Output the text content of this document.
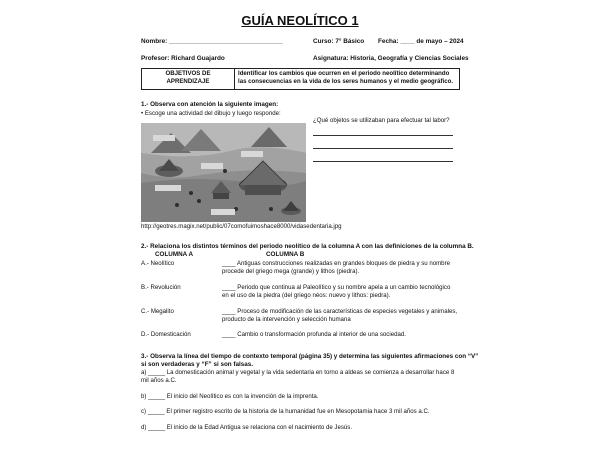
GUÍA NEOLÍTICO 1
Nombre: ________________________________	Curso: 7° Básico Fecha: ____ de mayo – 2024
Profesor: Richard Guajardo	Asignatura: Historia, Geografía y Ciencias Sociales
OBJETIVOS DE APRENDIZAJE	
Identificar los cambios que ocurren en el periodo neolítico determinando
las consecuencias en la vida de los seres humanos y el medio geográfico.
1.- Observa con atención la siguiente imagen:
• Escoge una actividad del dibujo y luego responde:
¿Qué objetos se utilizaban para efectuar tal labor?
http://geotres.magix.net/public/07comofuimoshace8000/vidasedentaria.jpg
2.- Relaciona los distintos términos del periodo neolítico de la columna A con las definiciones de la columna B.
COLUMNA A	COLUMNA B
A.- Neolítico	____ Antiguas construcciones realizadas en grandes bloques de piedra y su nombre
procede del griego mega (grande) y lithos (piedra).
B.- Revolución	____ Periodo que continua al Paleolítico y su nombre apela a un cambio tecnológico
en el uso de la piedra (del griego néos: nuevo y lithos: piedra).
C.- Megalito	____ Proceso de modificación de las características de especies vegetales y animales,
producto de la intervención y selección humana
D.- Domesticación	____ Cambio o transformación profunda al interior de una sociedad.
3.- Observa la línea del tiempo de contexto temporal (página 35) y determina las siguientes afirmaciones con “V”
si son verdaderas y “F” si son falsas.
a) _____ La domesticación animal y vegetal y la vida sedentaria en torno a aldeas se comienza a desarrollar hace 8
mil años a.C.
b) _____ El inicio del Neolítico es con la invención de la imprenta.
c) _____ El primer registro escrito de la historia de la humanidad fue en Mesopotamia hace 3 mil años a.C.
d) _____ El inicio de la Edad Antigua se relaciona con el nacimiento de Jesús.
